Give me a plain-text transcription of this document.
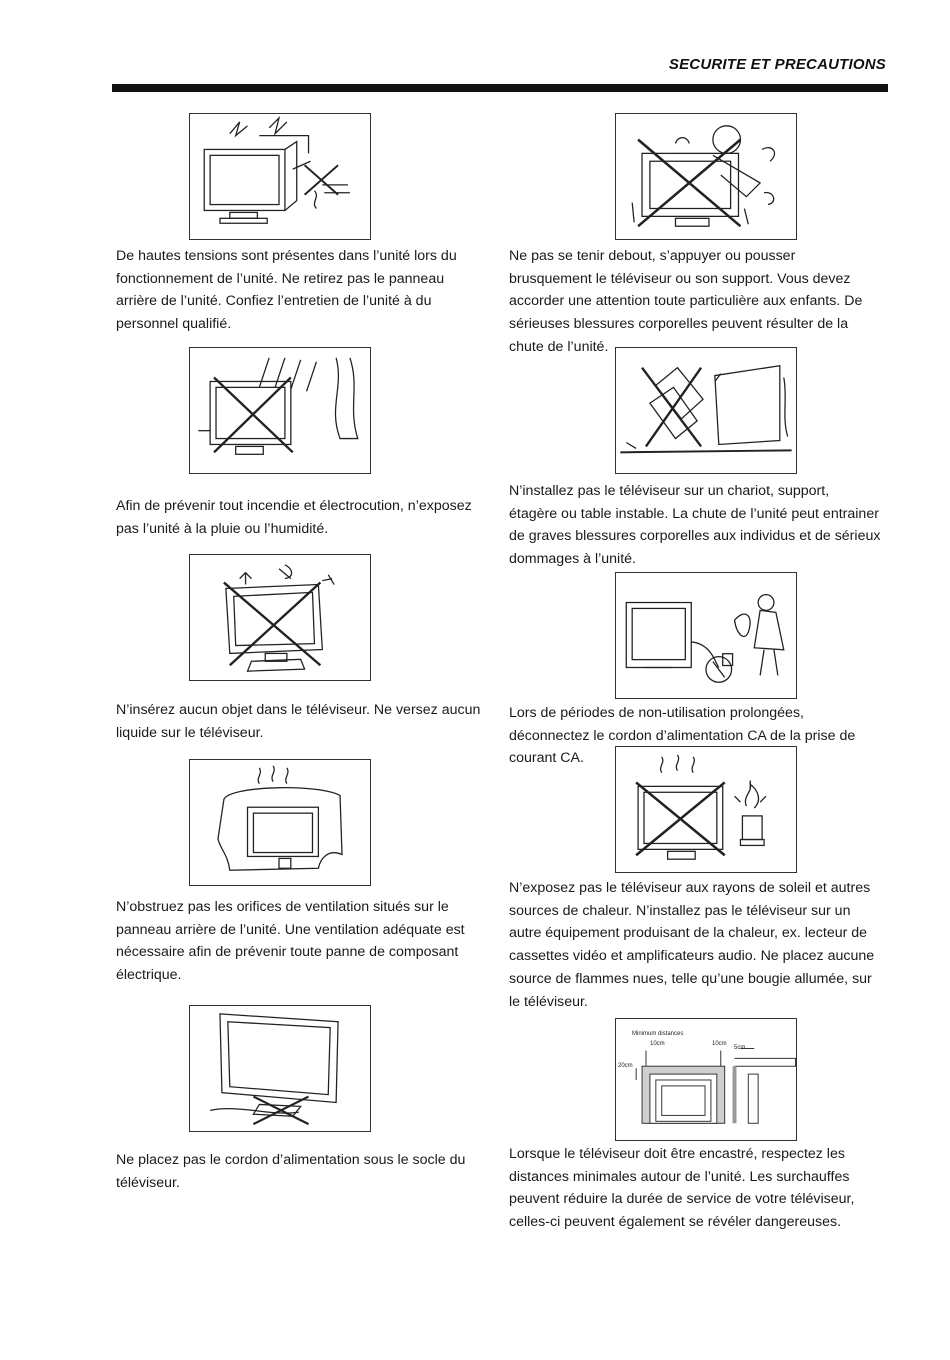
SECURITE ET PRECAUTIONS

De hautes tensions sont présentes dans l’unité lors du fonctionnement de l’unité. Ne retirez pas le panneau arrière de l’unité. Confiez l’entretien de l’unité à du personnel qualifié.

Afin de prévenir tout incendie et électrocution, n’exposez pas l’unité à la pluie ou l’humidité.

N’insérez aucun objet dans le téléviseur. Ne versez aucun liquide sur le téléviseur.

N’obstruez pas les orifices de ventilation situés sur le panneau arrière de l’unité. Une ventilation adéquate est nécessaire afin de prévenir toute panne de composant électrique.

Ne placez pas le cordon d’alimentation sous le socle du téléviseur.

Ne pas se tenir debout, s’appuyer ou pousser brusquement le téléviseur ou son support. Vous devez accorder une attention toute particulière aux enfants. De sérieuses blessures corporelles peuvent résulter de la chute de l’unité.

N’installez pas le téléviseur sur un chariot, support, étagère ou table instable. La chute de l’unité peut entrainer de graves blessures corporelles aux individus et de sérieux dommages à l’unité.

Lors de périodes de non-utilisation prolongées, déconnectez le cordon d’alimentation CA de la prise de courant CA.

N’exposez pas le téléviseur aux rayons de soleil et autres sources de chaleur. N’installez pas le téléviseur sur un autre équipement produisant de la chaleur, ex. lecteur de cassettes vidéo et amplificateurs audio. Ne placez aucune source de flammes nues, telle qu’une bougie allumée, sur le téléviseur.

Minimum distances
10cm	10cm
5cm
20cm

Lorsque le téléviseur doit être encastré, respectez les distances minimales autour de l’unité. Les surchauffes peuvent réduire la durée de service de votre téléviseur, celles-ci peuvent également se révéler dangereuses.
